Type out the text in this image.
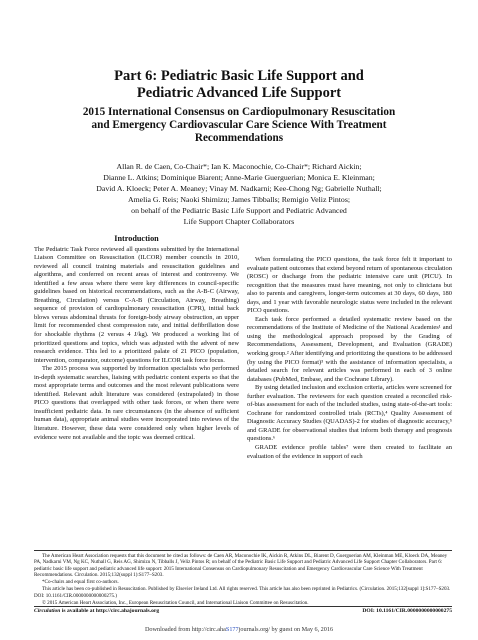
Part 6: Pediatric Basic Life Support and
Pediatric Advanced Life Support
2015 International Consensus on Cardiopulmonary Resuscitation
and Emergency Cardiovascular Care Science With Treatment
Recommendations
Allan R. de Caen, Co-Chair*; Ian K. Maconochie, Co-Chair*; Richard Aickin;
Dianne L. Atkins; Dominique Biarent; Anne-Marie Guerguerian; Monica E. Kleinman;
David A. Kloeck; Peter A. Meaney; Vinay M. Nadkarni; Kee-Chong Ng; Gabrielle Nuthall;
Amelia G. Reis; Naoki Shimizu; James Tibballs; Remigio Veliz Pintos;
on behalf of the Pediatric Basic Life Support and Pediatric Advanced
Life Support Chapter Collaborators
Introduction

The Pediatric Task Force reviewed all questions submitted by the International Liaison Committee on Resuscitation (ILCOR) member councils in 2010, reviewed all council training materials and resuscitation guidelines and algorithms, and conferred on recent areas of interest and controversy. We identified a few areas where there were key differences in council-specific guidelines based on historical recommendations, such as the A-B-C (Airway, Breathing, Circulation) versus C-A-B (Circulation, Airway, Breathing) sequence of provision of cardiopulmonary resuscitation (CPR), initial back blows versus abdominal thrusts for foreign-body airway obstruction, an upper limit for recommended chest compression rate, and initial defibrillation dose for shockable rhythms (2 versus 4 J/kg). We produced a working list of prioritized questions and topics, which was adjusted with the advent of new research evidence. This led to a prioritized palate of 21 PICO (population, intervention, comparator, outcome) questions for ILCOR task force focus.

The 2015 process was supported by information specialists who performed in-depth systematic searches, liaising with pediatric content experts so that the most appropriate terms and outcomes and the most relevant publications were identified. Relevant adult literature was considered (extrapolated) in those PICO questions that overlapped with other task forces, or when there were insufficient pediatric data. In rare circumstances (in the absence of sufficient human data), appropriate animal studies were incorporated into reviews of the literature. However, these data were considered only when higher levels of evidence were not available and the topic was deemed critical.

When formulating the PICO questions, the task force felt it important to evaluate patient outcomes that extend beyond return of spontaneous circulation (ROSC) or discharge from the pediatric intensive care unit (PICU). In recognition that the measures must have meaning, not only to clinicians but also to parents and caregivers, longer-term outcomes at 30 days, 60 days, 180 days, and 1 year with favorable neurologic status were included in the relevant PICO questions.

Each task force performed a detailed systematic review based on the recommendations of the Institute of Medicine of the National Academies¹ and using the methodological approach proposed by the Grading of Recommendations, Assessment, Development, and Evaluation (GRADE) working group.² After identifying and prioritizing the questions to be addressed (by using the PICO format)³ with the assistance of information specialists, a detailed search for relevant articles was performed in each of 3 online databases (PubMed, Embase, and the Cochrane Library).

By using detailed inclusion and exclusion criteria, articles were screened for further evaluation. The reviewers for each question created a reconciled risk-of-bias assessment for each of the included studies, using state-of-the-art tools: Cochrane for randomized controlled trials (RCTs),⁴ Quality Assessment of Diagnostic Accuracy Studies (QUADAS)-2 for studies of diagnostic accuracy,⁵ and GRADE for observational studies that inform both therapy and prognosis questions.⁶

GRADE evidence profile tables⁷ were then created to facilitate an evaluation of the evidence in support of each

The American Heart Association requests that this document be cited as follows: de Caen AR, Maconochie IK, Aickin R, Atkins DL, Biarent D, Guerguerian AM, Kleinman ME, Kloeck DA, Meaney PA, Nadkarni VM, Ng KC, Nuthall G, Reis AG, Shimizu N, Tibballs J, Veliz Pintos R; on behalf of the Pediatric Basic Life Support and Pediatric Advanced Life Support Chapter Collaborators. Part 6: pediatric basic life support and pediatric advanced life support: 2015 International Consensus on Cardiopulmonary Resuscitation and Emergency Cardiovascular Care Science With Treatment Recommendations. Circulation. 2015;132(suppl 1):S177–S203.

*Co-chairs and equal first co-authors.

This article has been co-published in Resuscitation. Published by Elsevier Ireland Ltd. All rights reserved. This article has also been reprinted in Pediatrics. (Circulation. 2015;132[suppl 1]:S177–S203. DOI: 10.1161/CIR.0000000000000275.)

© 2015 American Heart Association, Inc., European Resuscitation Council, and International Liaison Committee on Resuscitation.

Circulation is available at http://circ.ahajournals.org	DOI: 10.1161/CIR.0000000000000275
Downloaded from http://circ.ahaS177journals.org/ by guest on May 6, 2016
